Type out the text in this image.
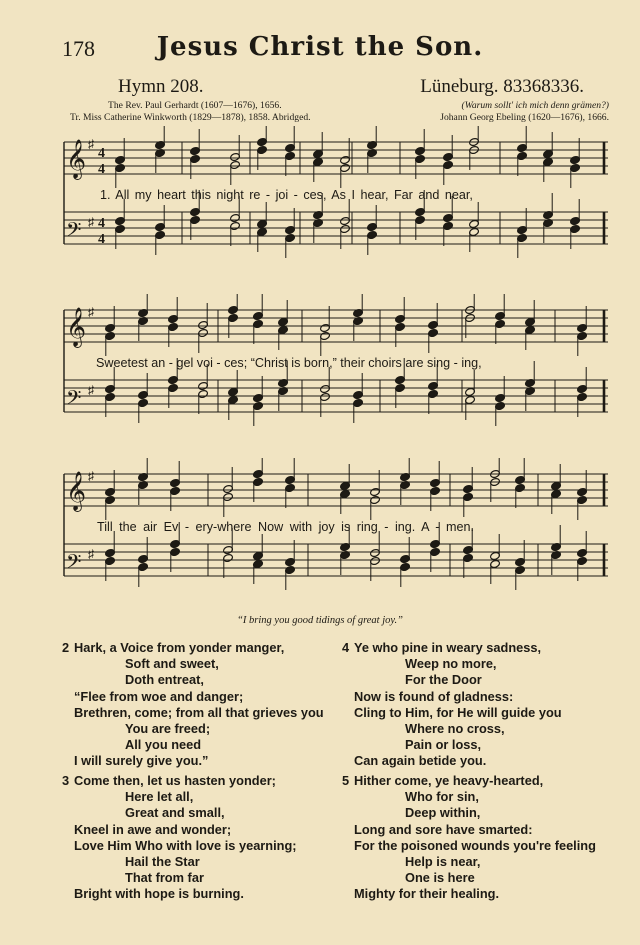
178	Jesus Christ the Son.
Hymn 208.	Lüneburg. 83368336.
The Rev. Paul Gerhardt (1607—1676), 1656.
Tr. Miss Catherine Winkworth (1829—1878), 1858. Abridged.
(Warum sollt' ich mich denn grämen?)
Johann Georg Ebeling (1620—1676), 1666.
𝄞 ♯
4
4
𝄢 ♯ 4
4
𝄞 ♯
𝄢 ♯
𝄞 ♯
𝄢 ♯
1. All my heart this night re - joi - ces, As I hear, Far and near,
Sweetest an - gel voi - ces; “Christ is born,” their choirs are sing - ing,
Till the air Ev - ery-where Now with joy is ring - ing. A - men.
“I bring you good tidings of great joy.”
2 Hark, a Voice from yonder manger,
Soft and sweet,
Doth entreat,
“Flee from woe and danger;
Brethren, come; from all that grieves you
You are freed;
All you need
I will surely give you.”
3 Come then, let us hasten yonder;
Here let all,
Great and small,
Kneel in awe and wonder;
Love Him Who with love is yearning;
Hail the Star
That from far
Bright with hope is burning.
4 Ye who pine in weary sadness,
Weep no more,
For the Door
Now is found of gladness:
Cling to Him, for He will guide you
Where no cross,
Pain or loss,
Can again betide you.
5 Hither come, ye heavy-hearted,
Who for sin,
Deep within,
Long and sore have smarted:
For the poisoned wounds you're feeling
Help is near,
One is here
Mighty for their healing.
